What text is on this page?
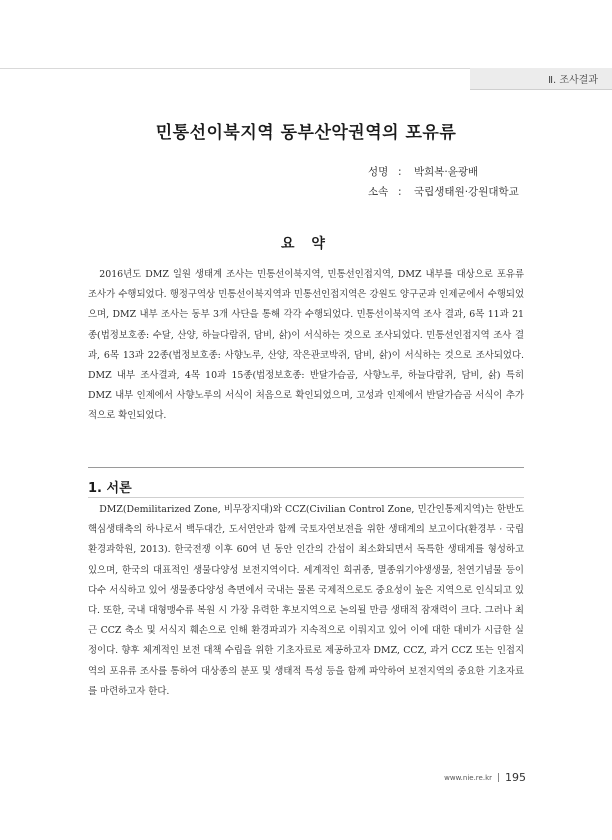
Ⅱ. 조사결과
민통선이북지역 동부산악권역의 포유류
성명 : 박희복·윤광배
소속 : 국립생태원·강원대학교
요 약

2016년도 DMZ 일원 생태계 조사는 민통선이북지역, 민통선인접지역, DMZ 내부를 대상으로 포유류 조사가 수행되었다. 행정구역상 민통선이북지역과 민통선인접지역은 강원도 양구군과 인제군에서 수행되었으며, DMZ 내부 조사는 동부 3개 사단을 통해 각각 수행되었다. 민통선이북지역 조사 결과, 6목 11과 21종(법정보호종: 수달, 산양, 하늘다람쥐, 담비, 삵)이 서식하는 것으로 조사되었다. 민통선인접지역 조사 결과, 6목 13과 22종(법정보호종: 사향노루, 산양, 작은관코박쥐, 담비, 삵)이 서식하는 것으로 조사되었다. DMZ 내부 조사결과, 4목 10과 15종(법정보호종: 반달가슴곰, 사향노루, 하늘다람쥐, 담비, 삵) 특히 DMZ 내부 인제에서 사향노루의 서식이 처음으로 확인되었으며, 고성과 인제에서 반달가슴곰 서식이 추가적으로 확인되었다.

1. 서론

DMZ(Demilitarized Zone, 비무장지대)와 CCZ(Civilian Control Zone, 민간인통제지역)는 한반도 핵심생태축의 하나로서 백두대간, 도서연안과 함께 국토자연보전을 위한 생태계의 보고이다(환경부 · 국립환경과학원, 2013). 한국전쟁 이후 60여 년 동안 인간의 간섭이 최소화되면서 독특한 생태계를 형성하고 있으며, 한국의 대표적인 생물다양성 보전지역이다. 세계적인 희귀종, 멸종위기야생생물, 천연기념물 등이 다수 서식하고 있어 생물종다양성 측면에서 국내는 물론 국제적으로도 중요성이 높은 지역으로 인식되고 있다. 또한, 국내 대형맹수류 복원 시 가장 유력한 후보지역으로 논의될 만큼 생태적 잠재력이 크다. 그러나 최근 CCZ 축소 및 서식지 훼손으로 인해 환경파괴가 지속적으로 이뤄지고 있어 이에 대한 대비가 시급한 실정이다. 향후 체계적인 보전 대책 수립을 위한 기초자료로 제공하고자 DMZ, CCZ, 과거 CCZ 또는 인접지역의 포유류 조사를 통하여 대상종의 분포 및 생태적 특성 등을 함께 파악하여 보전지역의 중요한 기초자료를 마련하고자 한다.

www.nie.re.kr 195
